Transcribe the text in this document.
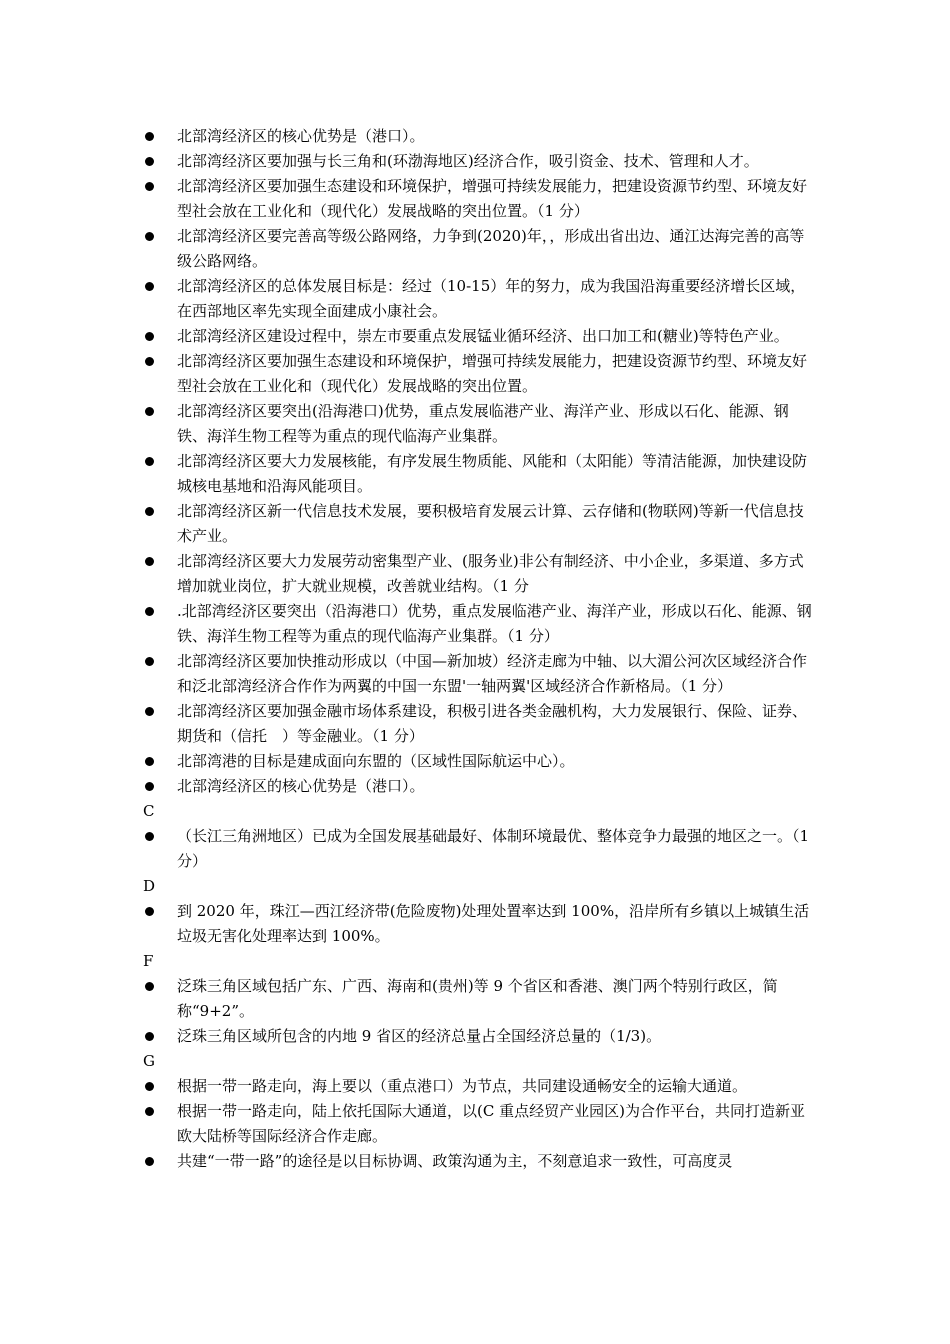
北部湾经济区的核心优势是（港口）。
北部湾经济区要加强与长三角和(环渤海地区)经济合作，吸引资金、技术、管理和人才。
北部湾经济区要加强生态建设和环境保护，增强可持续发展能力，把建设资源节约型、环境友好型社会放在工业化和（现代化）发展战略的突出位置。（1 分）
北部湾经济区要完善高等级公路网络，力争到(2020)年，，形成出省出边、通江达海完善的高等级公路网络。
北部湾经济区的总体发展目标是：经过（10-15）年的努力，成为我国沿海重要经济增长区域，在西部地区率先实现全面建成小康社会。
北部湾经济区建设过程中，崇左市要重点发展锰业循环经济、出口加工和(糖业)等特色产业。
北部湾经济区要加强生态建设和环境保护，增强可持续发展能力，把建设资源节约型、环境友好型社会放在工业化和（现代化）发展战略的突出位置。
北部湾经济区要突出(沿海港口)优势，重点发展临港产业、海洋产业、形成以石化、能源、钢铁、海洋生物工程等为重点的现代临海产业集群。
北部湾经济区要大力发展核能，有序发展生物质能、风能和（太阳能）等清洁能源，加快建设防城核电基地和沿海风能项目。
北部湾经济区新一代信息技术发展，要积极培育发展云计算、云存储和(物联网)等新一代信息技术产业。
北部湾经济区要大力发展劳动密集型产业、(服务业)非公有制经济、中小企业，多渠道、多方式增加就业岗位，扩大就业规模，改善就业结构。（1 分
.北部湾经济区要突出（沿海港口）优势，重点发展临港产业、海洋产业，形成以石化、能源、钢铁、海洋生物工程等为重点的现代临海产业集群。（1 分）
北部湾经济区要加快推动形成以（中国—新加坡）经济走廊为中轴、以大湄公河次区域经济合作和泛北部湾经济合作作为两翼的中国一东盟'一轴两翼'区域经济合作新格局。（1 分）
北部湾经济区要加强金融市场体系建设，积极引进各类金融机构，大力发展银行、保险、证券、期货和（信托　）等金融业。（1 分）
北部湾港的目标是建成面向东盟的（区域性国际航运中心）。
北部湾经济区的核心优势是（港口）。
C
（长江三角洲地区）已成为全国发展基础最好、体制环境最优、整体竞争力最强的地区之一。（1 分）
D
到 2020 年，珠江—西江经济带(危险废物)处理处置率达到 100%，沿岸所有乡镇以上城镇生活垃圾无害化处理率达到 100%。
F
泛珠三角区域包括广东、广西、海南和(贵州)等 9 个省区和香港、澳门两个特别行政区，简称“9+2”。
泛珠三角区域所包含的内地 9 省区的经济总量占全国经济总量的（1/3)。
G
根据一带一路走向，海上要以（重点港口）为节点，共同建设通畅安全的运输大通道。
根据一带一路走向，陆上依托国际大通道，以(C 重点经贸产业园区)为合作平台，共同打造新亚欧大陆桥等国际经济合作走廊。
共建“一带一路”的途径是以目标协调、政策沟通为主，不刻意追求一致性，可高度灵
